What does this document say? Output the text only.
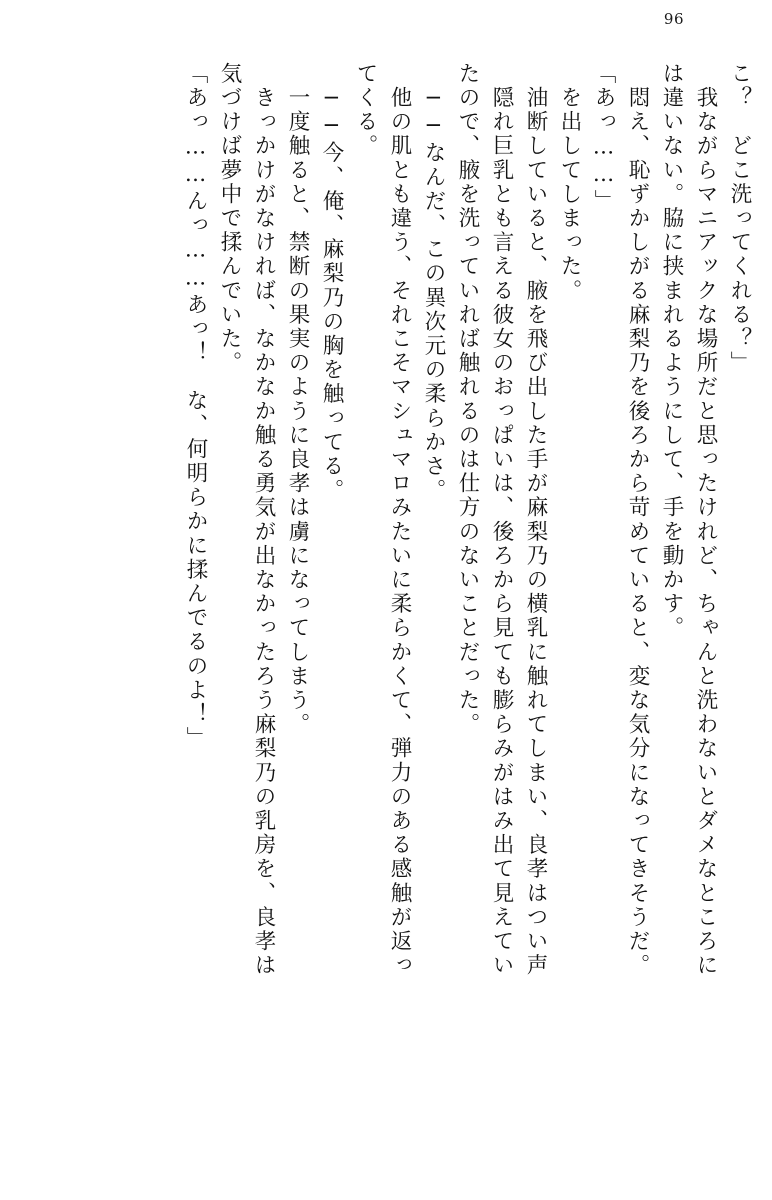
96
こ？　どこ洗ってくれる？」
　我ながらマニアックな場所だと思ったけれど、ちゃんと洗わないとダメなところに
は違いない。脇に挟まれるようにして、手を動かす。
　悶え、恥ずかしがる麻梨乃を後ろから苛めていると、変な気分になってきそうだ。
「あっ……」
　を出してしまった。
　油断していると、腋を飛び出した手が麻梨乃の横乳に触れてしまい、良孝はつい声
　隠れ巨乳とも言える彼女のおっぱいは、後ろから見ても膨らみがはみ出て見えてい
たので、腋を洗っていれば触れるのは仕方のないことだった。
　──なんだ、この異次元の柔らかさ。
　他の肌とも違う、それこそマシュマロみたいに柔らかくて、弾力のある感触が返っ
てくる。
　──今、俺、麻梨乃の胸を触ってる。
　一度触ると、禁断の果実のように良孝は虜になってしまう。
　きっかけがなければ、なかなか触る勇気が出なかったろう麻梨乃の乳房を、良孝は
気づけば夢中で揉んでいた。
「あっ……んっ……あっ！　な、何明らかに揉んでるのよ！」
